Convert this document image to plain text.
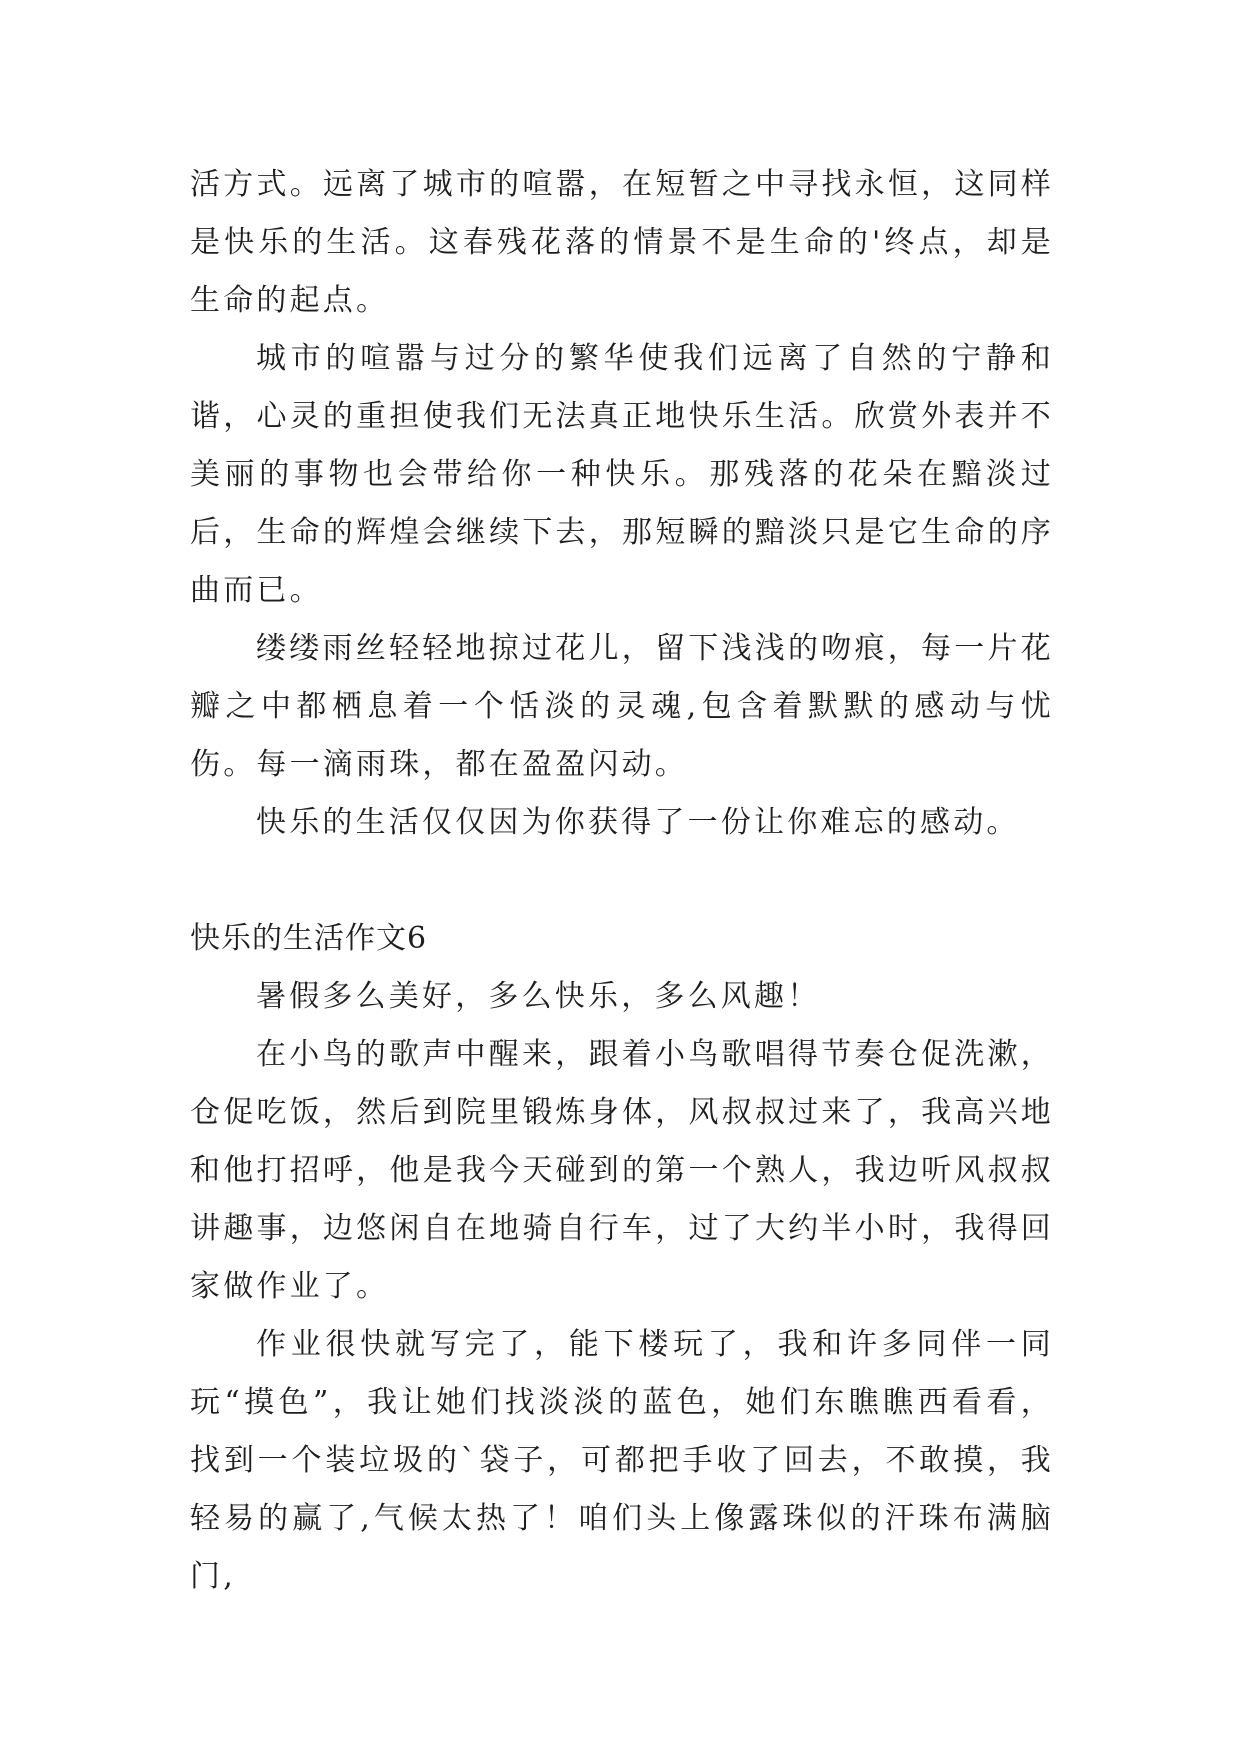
活方式。远离了城市的喧嚣，在短暂之中寻找永恒，这同样是快乐的生活。这春残花落的情景不是生命的'终点，却是生命的起点。

城市的喧嚣与过分的繁华使我们远离了自然的宁静和谐，心灵的重担使我们无法真正地快乐生活。欣赏外表并不美丽的事物也会带给你一种快乐。那残落的花朵在黯淡过后，生命的辉煌会继续下去，那短瞬的黯淡只是它生命的序曲而已。

缕缕雨丝轻轻地掠过花儿，留下浅浅的吻痕，每一片花瓣之中都栖息着一个恬淡的灵魂,包含着默默的感动与忧伤。每一滴雨珠，都在盈盈闪动。

快乐的生活仅仅因为你获得了一份让你难忘的感动。

快乐的生活作文6

暑假多么美好，多么快乐，多么风趣！

在小鸟的歌声中醒来，跟着小鸟歌唱得节奏仓促洗漱，仓促吃饭，然后到院里锻炼身体，风叔叔过来了，我高兴地和他打招呼，他是我今天碰到的第一个熟人，我边听风叔叔讲趣事，边悠闲自在地骑自行车，过了大约半小时，我得回家做作业了。

作业很快就写完了，能下楼玩了，我和许多同伴一同玩“摸色”，我让她们找淡淡的蓝色，她们东瞧瞧西看看，找到一个装垃圾的`袋子，可都把手收了回去，不敢摸，我轻易的赢了,气候太热了！咱们头上像露珠似的汗珠布满脑门,
